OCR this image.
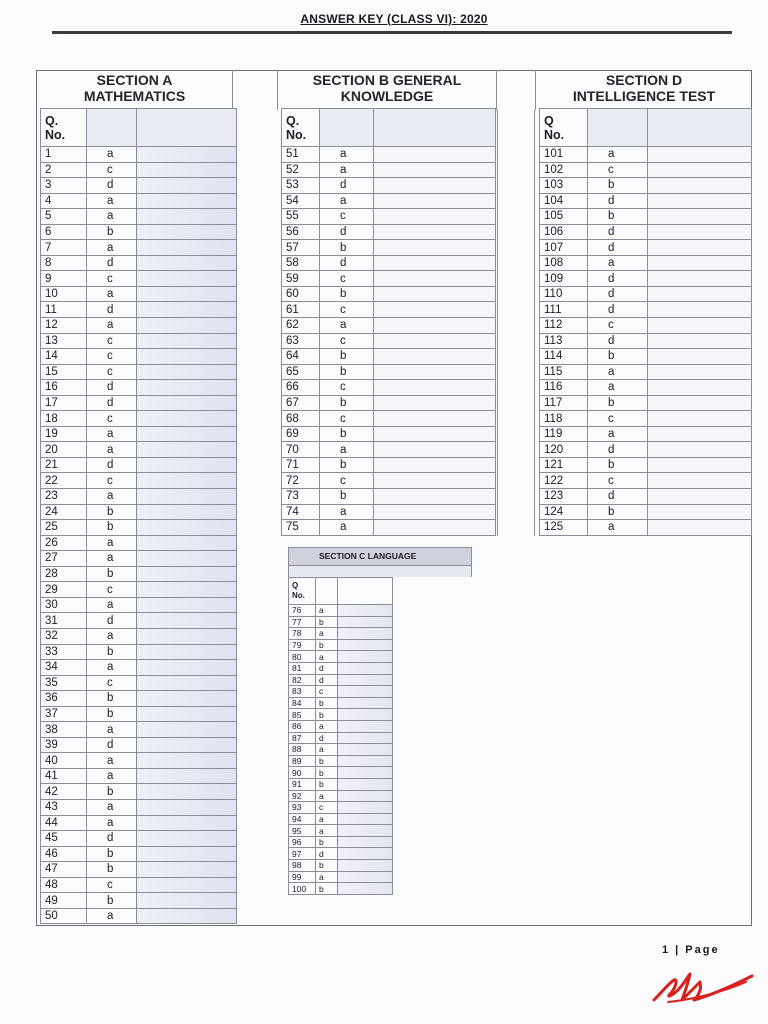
ANSWER KEY (CLASS VI): 2020
SECTION A
MATHEMATICS
SECTION B GENERAL
KNOWLEDGE
SECTION D
INTELLIGENCE TEST
Q.
No.		

1	a	
2	c	
3	d	
4	a	
5	a	
6	b	
7	a	
8	d	
9	c	
10	a	
11	d	
12	a	
13	c	
14	c	
15	c	
16	d	
17	d	
18	c	
19	a	
20	a	
21	d	
22	c	
23	a	
24	b	
25	b	
26	a	
27	a	
28	b	
29	c	
30	a	
31	d	
32	a	
33	b	
34	a	
35	c	
36	b	
37	b	
38	a	
39	d	
40	a	
41	a	
42	b	
43	a	
44	a	
45	d	
46	b	
47	b	
48	c	
49	b	
50	a	
Q.
No.		

51	a	
52	a	
53	d	
54	a	
55	c	
56	d	
57	b	
58	d	
59	c	
60	b	
61	c	
62	a	
63	c	
64	b	
65	b	
66	c	
67	b	
68	c	
69	b	
70	a	
71	b	
72	c	
73	b	
74	a	
75	a	
Q
No.		

101	a	
102	c	
103	b	
104	d	
105	b	
106	d	
107	d	
108	a	
109	d	
110	d	
111	d	
112	c	
113	d	
114	b	
115	a	
116	a	
117	b	
118	c	
119	a	
120	d	
121	b	
122	c	
123	d	
124	b	
125	a	
SECTION C LANGUAGE
Q
No.		

76	a	
77	b	
78	a	
79	b	
80	a	
81	d	
82	d	
83	c	
84	b	
85	b	
86	a	
87	d	
88	a	
89	b	
90	b	
91	b	
92	a	
93	c	
94	a	
95	a	
96	b	
97	d	
98	b	
99	a	
100	b	
1 | Page
